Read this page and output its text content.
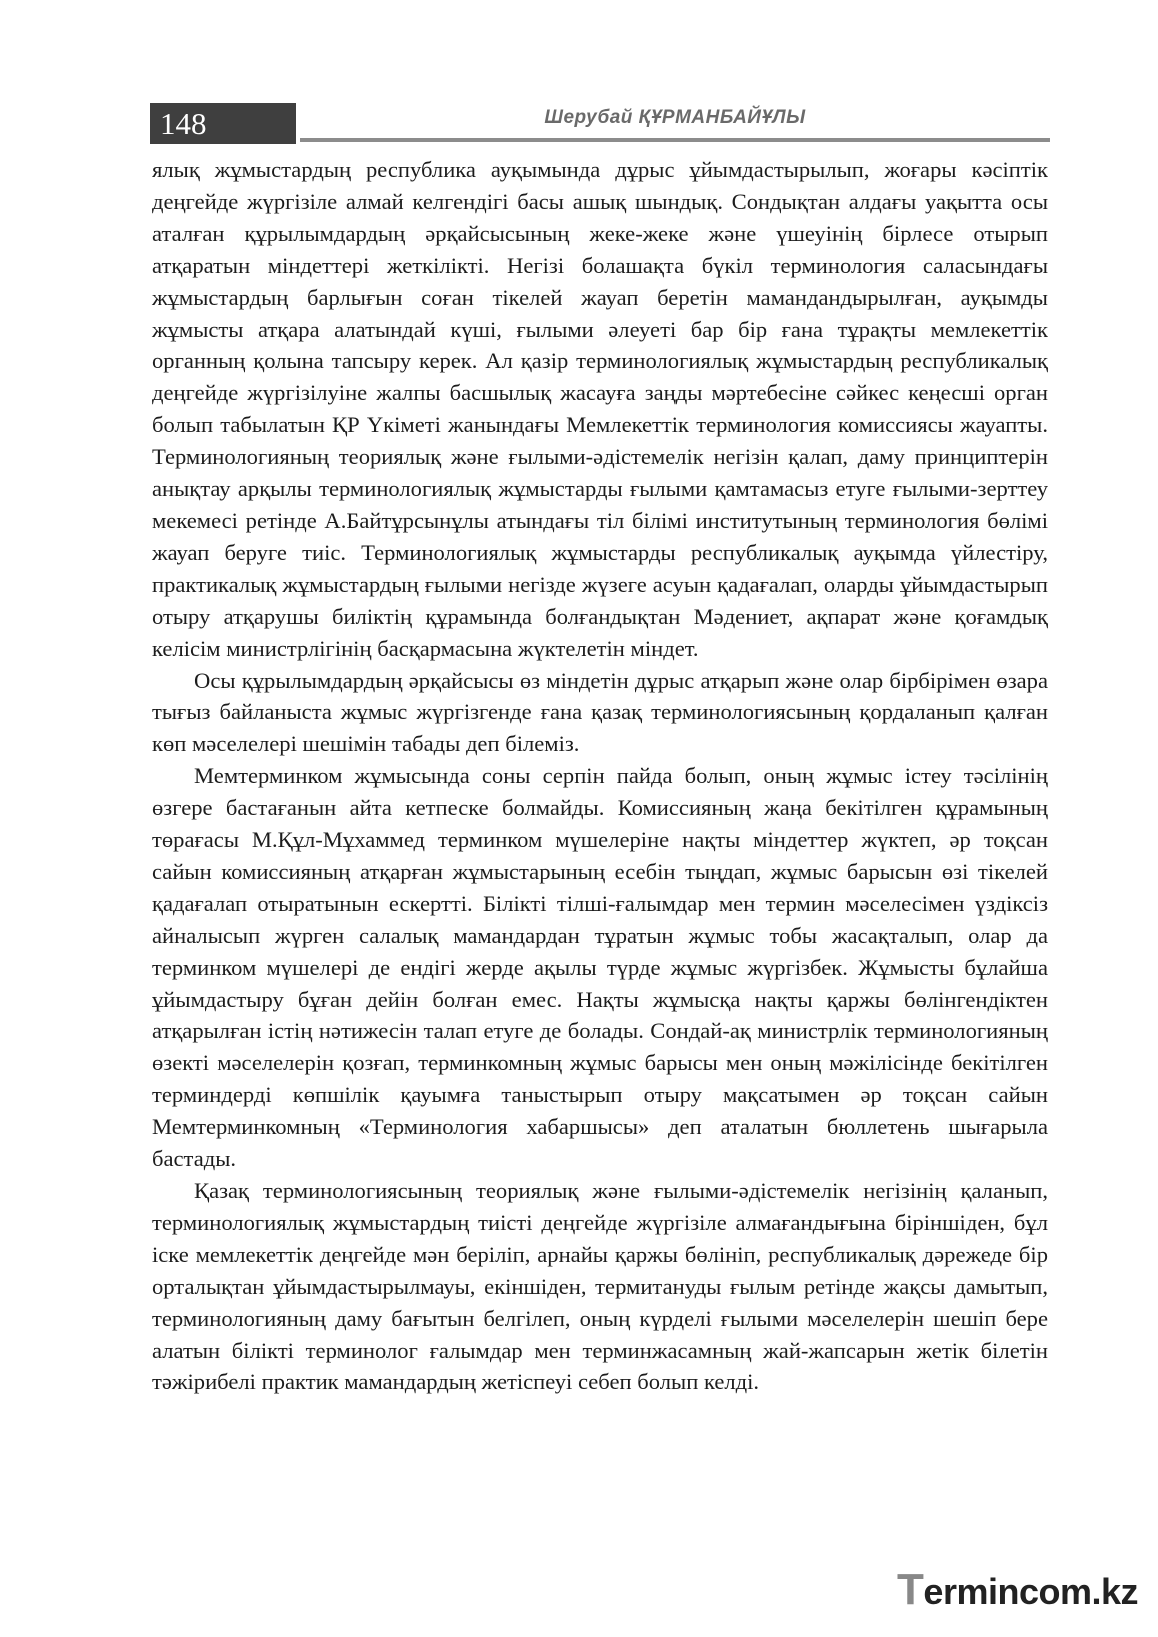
148	Шерубай ҚҰРМАНБАЙҰЛЫ

ялық жұмыстардың республика ауқымында дұрыс ұйымдастырылып, жоғары кәсіптік деңгейде жүргізіле алмай келгендігі басы ашық шындық. Сондықтан алдағы уақытта осы аталған құрылымдардың әрқайсысының жеке-жеке және үшеуінің бірлесе отырып атқаратын міндеттері жеткілікті. Негізі болашақта бүкіл терминология саласындағы жұмыстардың барлығын соған тікелей жауап беретін мамандандырылған, ауқымды жұмысты атқара алатындай күші, ғылыми әлеуеті бар бір ғана тұрақты мемлекеттік органның қолына тапсыру керек. Ал қазір терминологиялық жұмыстардың республикалық деңгейде жүргізілуіне жалпы басшылық жасауға заңды мәртебесіне сәйкес кеңесші орган болып табылатын ҚР Үкіметі жанындағы Мемлекеттік терминология комиссиясы жауапты. Терминологияның теориялық және ғылыми-әдістемелік негізін қалап, даму принциптерін анықтау арқылы терминологиялық жұмыстарды ғылыми қамтамасыз етуге ғылыми-зерттеу мекемесі ретінде А.Байтұрсынұлы атындағы тіл білімі институтының терминология бөлімі жауап беруге тиіс. Терминологиялық жұмыстарды республикалық ауқымда үйлестіру, практикалық жұмыстардың ғылыми негізде жүзеге асуын қадағалап, оларды ұйымдастырып отыру атқарушы биліктің құрамында болғандықтан Мәдениет, ақпарат және қоғамдық келісім министрлігінің басқармасына жүктелетін міндет.

Осы құрылымдардың әрқайсысы өз міндетін дұрыс атқарып және олар бірбірімен өзара тығыз байланыста жұмыс жүргізгенде ғана қазақ терминологиясының қордаланып қалған көп мәселелері шешімін табады деп білеміз.

Мемтерминком жұмысында соны серпін пайда болып, оның жұмыс істеу тәсілінің өзгере бастағанын айта кетпеске болмайды. Комиссияның жаңа бекітілген құрамының төрағасы М.Құл-Мұхаммед терминком мүшелеріне нақты міндеттер жүктеп, әр тоқсан сайын комиссияның атқарған жұмыстарының есебін тыңдап, жұмыс барысын өзі тікелей қадағалап отыратынын ескертті. Білікті тілші-ғалымдар мен термин мәселесімен үздіксіз айналысып жүрген салалық мамандардан тұратын жұмыс тобы жасақталып, олар да терминком мүшелері де ендігі жерде ақылы түрде жұмыс жүргізбек. Жұмысты бұлайша ұйымдастыру бұған дейін болған емес. Нақты жұмысқа нақты қаржы бөлінгендіктен атқарылған істің нәтижесін талап етуге де болады. Сондай-ақ министрлік терминологияның өзекті мәселелерін қозғап, терминкомның жұмыс барысы мен оның мәжілісінде бекітілген терминдерді көпшілік қауымға таныстырып отыру мақсатымен әр тоқсан сайын Мемтерминкомның «Терминология хабаршысы» деп аталатын бюллетень шығарыла бастады.

Қазақ терминологиясының теориялық және ғылыми-әдістемелік негізінің қаланып, терминологиялық жұмыстардың тиісті деңгейде жүргізіле алмағандығына біріншіден, бұл іске мемлекеттік деңгейде мән беріліп, арнайы қаржы бөлініп, республикалық дәрежеде бір орталықтан ұйымдастырылмауы, екіншіден, термитануды ғылым ретінде жақсы дамытып, терминологияның даму бағытын белгілеп, оның күрделі ғылыми мәселелерін шешіп бере алатын білікті терминолог ғалымдар мен терминжасамның жай-жапсарын жетік білетін тәжірибелі практик мамандардың жетіспеуі себеп болып келді.

Termincom.kz
